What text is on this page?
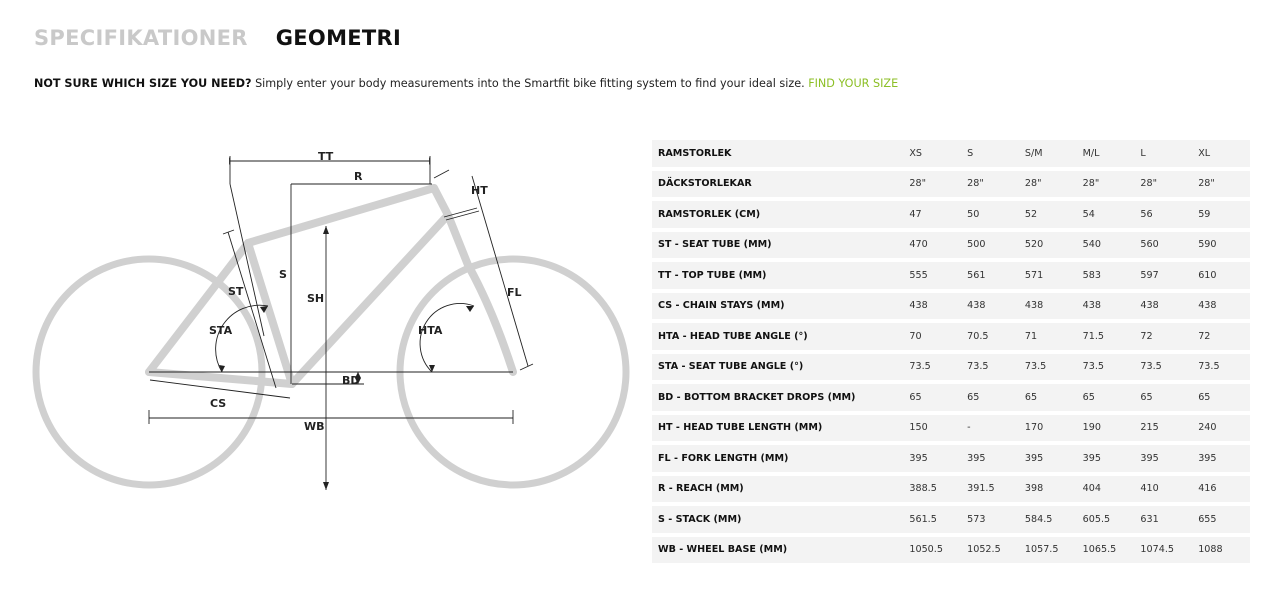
SPECIFIKATIONER GEOMETRI
NOT SURE WHICH SIZE YOU NEED? Simply enter your body measurements into the Smartfit bike fitting system to find your ideal size. FIND YOUR SIZE
TT
R
HT
S
SH
ST
STA	HTA
FL
BD
CS
WB
RAMSTORLEK	XS	S	S/M	M/L	L	XL
DÄCKSTORLEKAR	28"	28"	28"	28"	28"	28"
RAMSTORLEK (CM)	47	50	52	54	56	59
ST - SEAT TUBE (MM)	470	500	520	540	560	590
TT - TOP TUBE (MM)	555	561	571	583	597	610
CS - CHAIN STAYS (MM)	438	438	438	438	438	438
HTA - HEAD TUBE ANGLE (°)	70	70.5	71	71.5	72	72
STA - SEAT TUBE ANGLE (°)	73.5	73.5	73.5	73.5	73.5	73.5
BD - BOTTOM BRACKET DROPS (MM)	65	65	65	65	65	65
HT - HEAD TUBE LENGTH (MM)	150	-	170	190	215	240
FL - FORK LENGTH (MM)	395	395	395	395	395	395
R - REACH (MM)	388.5	391.5	398	404	410	416
S - STACK (MM)	561.5	573	584.5	605.5	631	655
WB - WHEEL BASE (MM)	1050.5	1052.5	1057.5	1065.5	1074.5	1088
